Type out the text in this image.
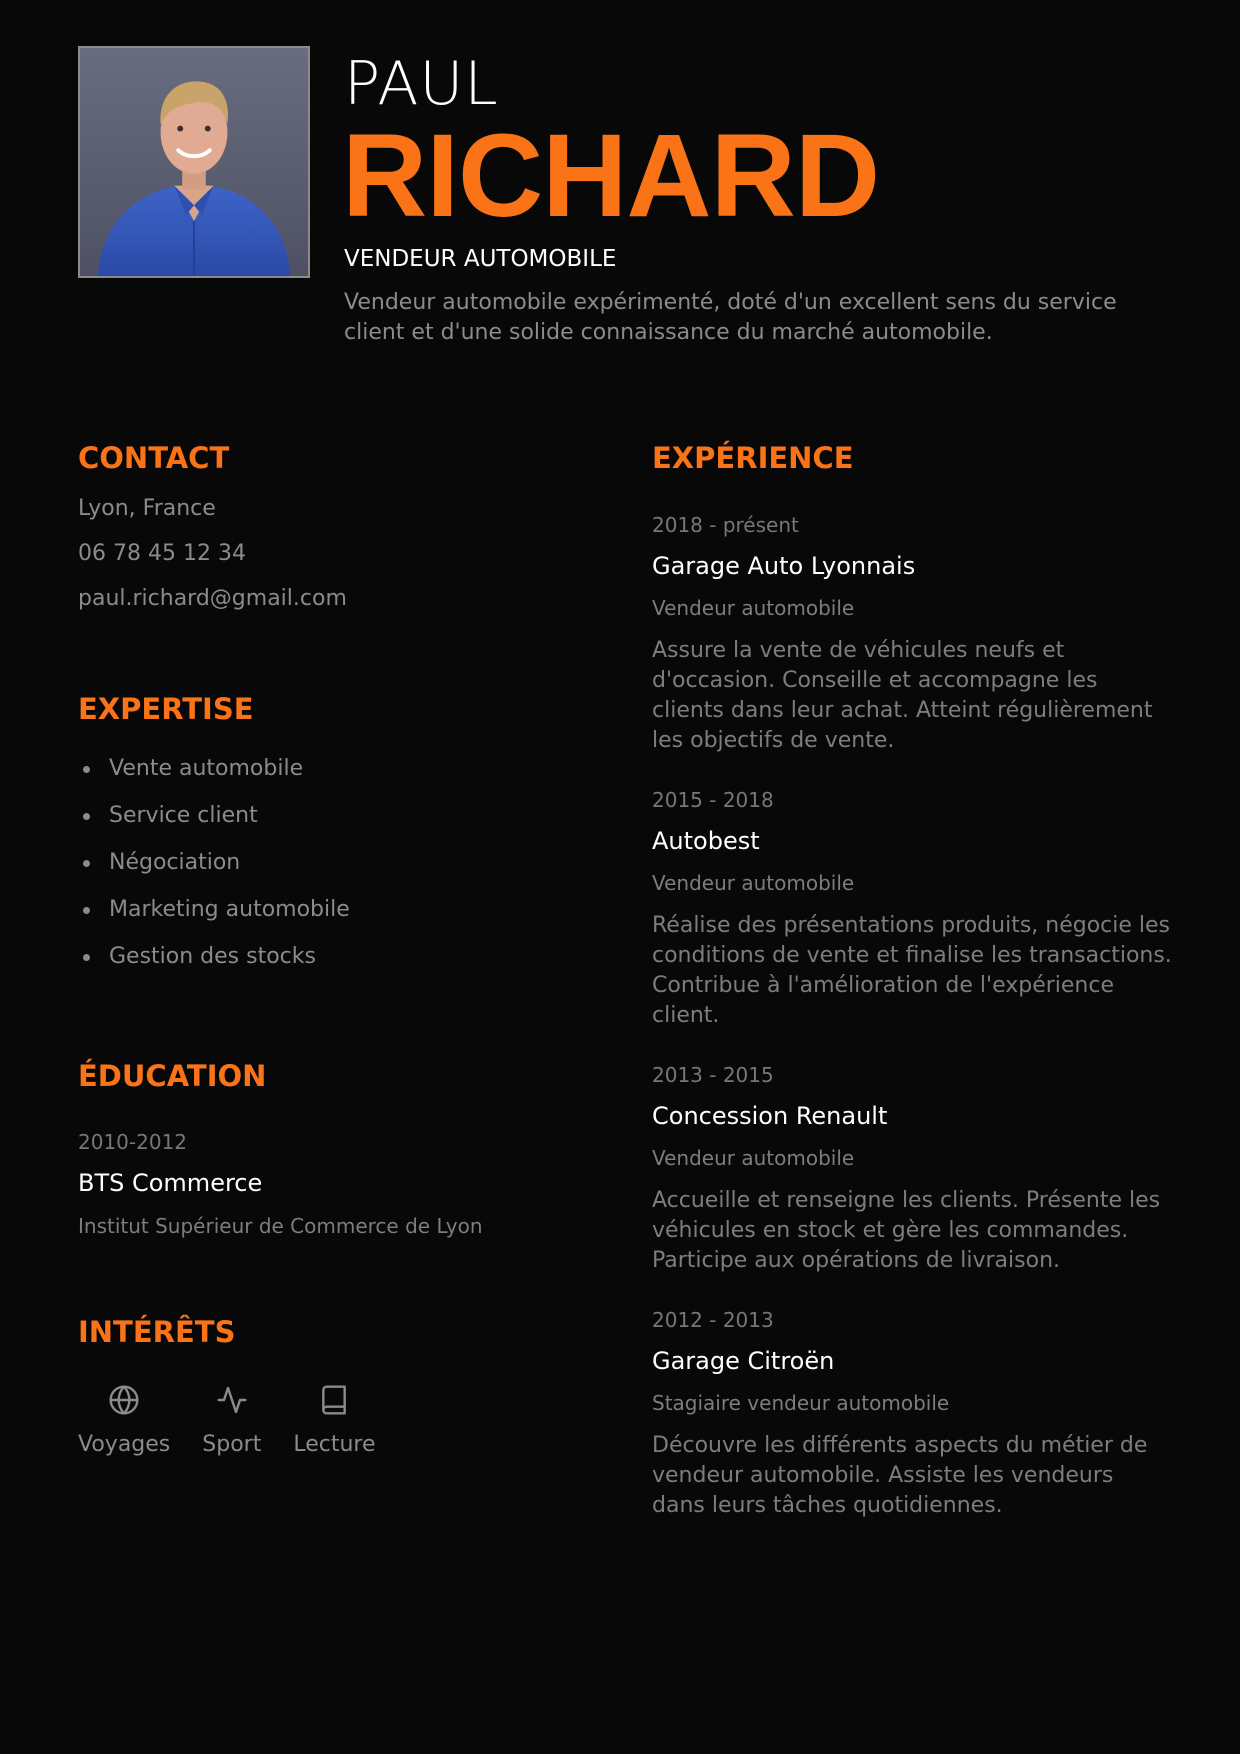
PAUL
RICHARD

VENDEUR AUTOMOBILE

Vendeur automobile expérimenté, doté d'un excellent sens du service client et d'une solide connaissance du marché automobile.

CONTACT

Lyon, France

06 78 45 12 34

paul.richard@gmail.com

EXPERTISE
Vente automobile
Service client
Négociation
Marketing automobile
Gestion des stocks
ÉDUCATION

2010-2012

BTS Commerce

Institut Supérieur de Commerce de Lyon

INTÉRÊTS
Voyages Sport Lecture
EXPÉRIENCE

2018 - présent

Garage Auto Lyonnais

Vendeur automobile

Assure la vente de véhicules neufs et d'occasion. Conseille et accompagne les clients dans leur achat. Atteint régulièrement les objectifs de vente.

2015 - 2018

Autobest

Vendeur automobile

Réalise des présentations produits, négocie les conditions de vente et finalise les transactions. Contribue à l'amélioration de l'expérience client.

2013 - 2015

Concession Renault

Vendeur automobile

Accueille et renseigne les clients. Présente les véhicules en stock et gère les commandes. Participe aux opérations de livraison.

2012 - 2013

Garage Citroën

Stagiaire vendeur automobile

Découvre les différents aspects du métier de vendeur automobile. Assiste les vendeurs dans leurs tâches quotidiennes.
